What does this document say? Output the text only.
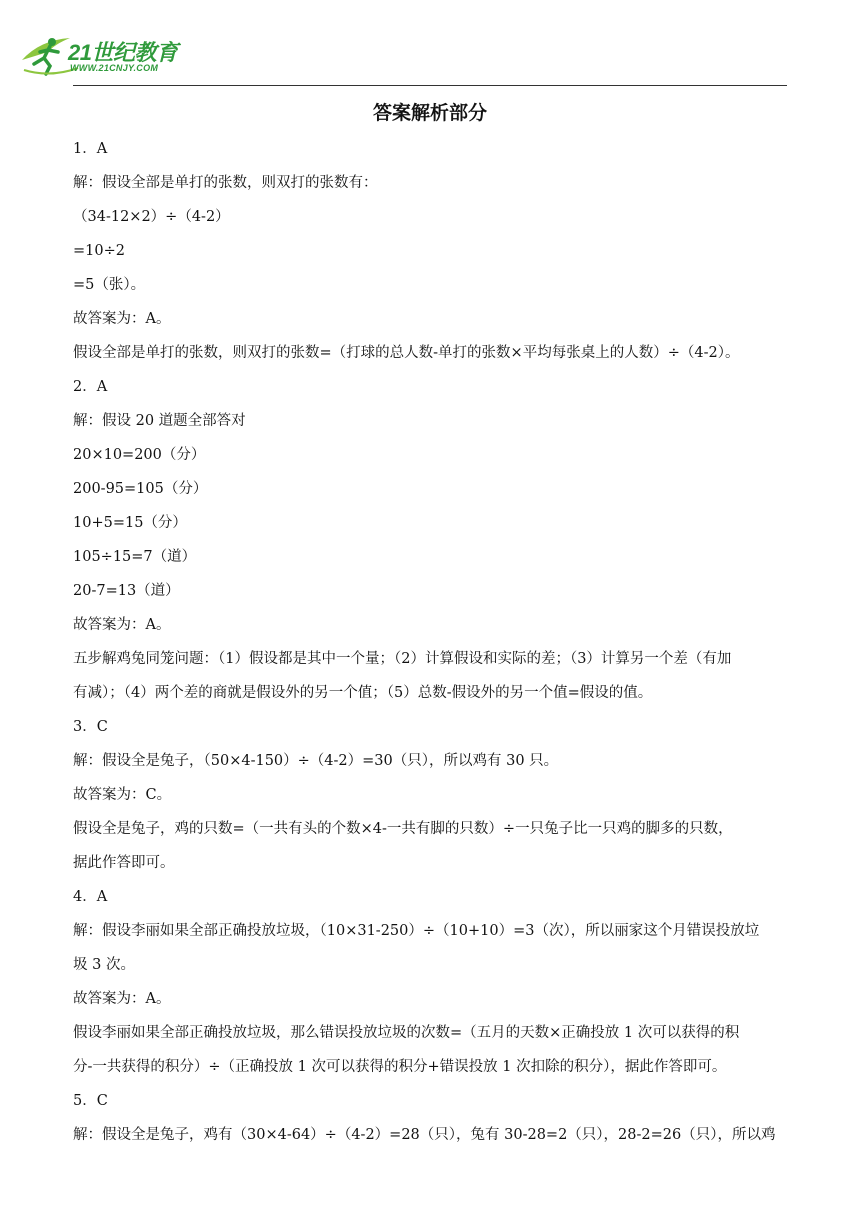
21世纪教育
WWW.21CNJY.COM
答案解析部分
1．A
解：假设全部是单打的张数，则双打的张数有：
（34-12×2）÷（4-2）
=10÷2
=5（张）。
故答案为：A。
假设全部是单打的张数，则双打的张数=（打球的总人数-单打的张数×平均每张桌上的人数）÷（4-2）。
2．A
解：假设 20 道题全部答对
20×10=200（分）
200-95=105（分）
10+5=15（分）
105÷15=7（道）
20-7=13（道）
故答案为：A。
五步解鸡兔同笼问题：（1）假设都是其中一个量；（2）计算假设和实际的差；（3）计算另一个差（有加
有减）；（4）两个差的商就是假设外的另一个值；（5）总数-假设外的另一个值=假设的值。
3．C
解：假设全是兔子，（50×4-150）÷（4-2）=30（只），所以鸡有 30 只。
故答案为：C。
假设全是兔子，鸡的只数=（一共有头的个数×4-一共有脚的只数）÷一只兔子比一只鸡的脚多的只数，
据此作答即可。
4．A
解：假设李丽如果全部正确投放垃圾，（10×31-250）÷（10+10）=3（次），所以丽家这个月错误投放垃
圾 3 次。
故答案为：A。
假设李丽如果全部正确投放垃圾，那么错误投放垃圾的次数=（五月的天数×正确投放 1 次可以获得的积
分-一共获得的积分）÷（正确投放 1 次可以获得的积分+错误投放 1 次扣除的积分），据此作答即可。
5．C
解：假设全是兔子，鸡有（30×4-64）÷（4-2）=28（只），兔有 30-28=2（只），28-2=26（只），所以鸡
